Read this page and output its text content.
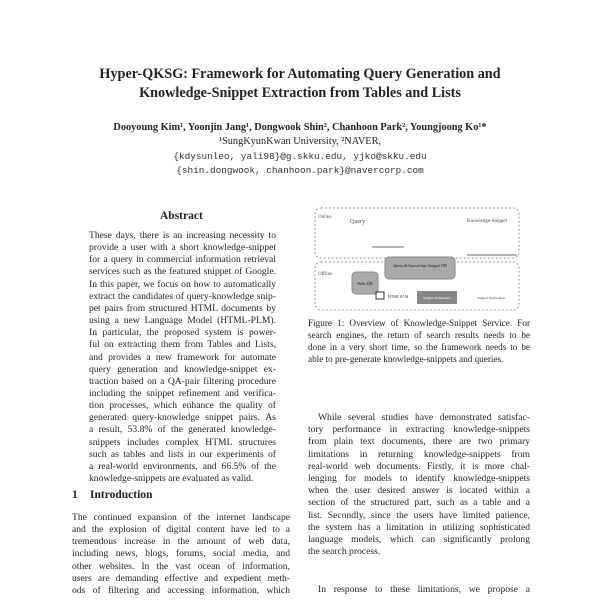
Hyper-QKSG: Framework for Automating Query Generation and
Knowledge-Snippet Extraction from Tables and Lists
Dooyoung Kim¹, Yoonjin Jang¹, Dongwook Shin², Chanhoon Park², Youngjoong Ko¹*
¹SungKyunKwan University, ²NAVER,
{kdysunleo, yali98}@g.skku.edu, yjko@skku.edu
{shin.dongwook, chanhoon.park}@navercorp.com
Abstract
These days, there is an increasing necessity to
provide a user with a short knowledge-snippet
for a query in commercial information retrieval
services such as the featured snippet of Google.
In this paper, we focus on how to automatically
extract the candidates of query-knowledge snip-
pet pairs from structured HTML documents by
using a new Language Model (HTML-PLM).
In particular, the proposed system is power-
ful on extracting them from Tables and Lists,
and provides a new framework for automate
query generation and knowledge-snippet ex-
traction based on a QA-pair filtering procedure
including the snippet refinement and verifica-
tion processes, which enhance the quality of
generated query-knowledge snippet pairs. As
a result, 53.8% of the generated knowledge-
snippets includes complex HTML structures
such as tables and lists in our experiments of
a real-world environments, and 66.5% of the
knowledge-snippets are evaluated as valid.
1 Introduction
The continued expansion of the internet landscape
and the explosion of digital content have led to a
tremendous increase in the amount of web data,
including news, blogs, forums, social media, and
other websites. In the vast ocean of information,
users are demanding effective and expedient meth-
ods of filtering and accessing information, which
Online
Offline
Query	Knowledge-Snippet
Query & Knowledge Snippet DB
Web DB
HTML PLM	Snippet Refinement	Snippet Verification
Figure 1: Overview of Knowledge-Snippet Service. For
search engines, the return of search results needs to be
done in a very short time, so the framework needs to be
able to pre-generate knowledge-snippets and queries.
While several studies have demonstrated satisfac-
tory performance in extracting knowledge-snippets
from plain text documents, there are two primary
limitations in returning knowledge-snippets from
real-world web documents. Firstly, it is more chal-
lenging for models to identify knowledge-snippets
when the user desired answer is located within a
section of the structured part, such as a table and a
list. Secondly, since the users have limited patience,
the system has a limitation in utilizing sophisticated
language models, which can significantly prolong
the search process.
In response to these limitations, we propose a
